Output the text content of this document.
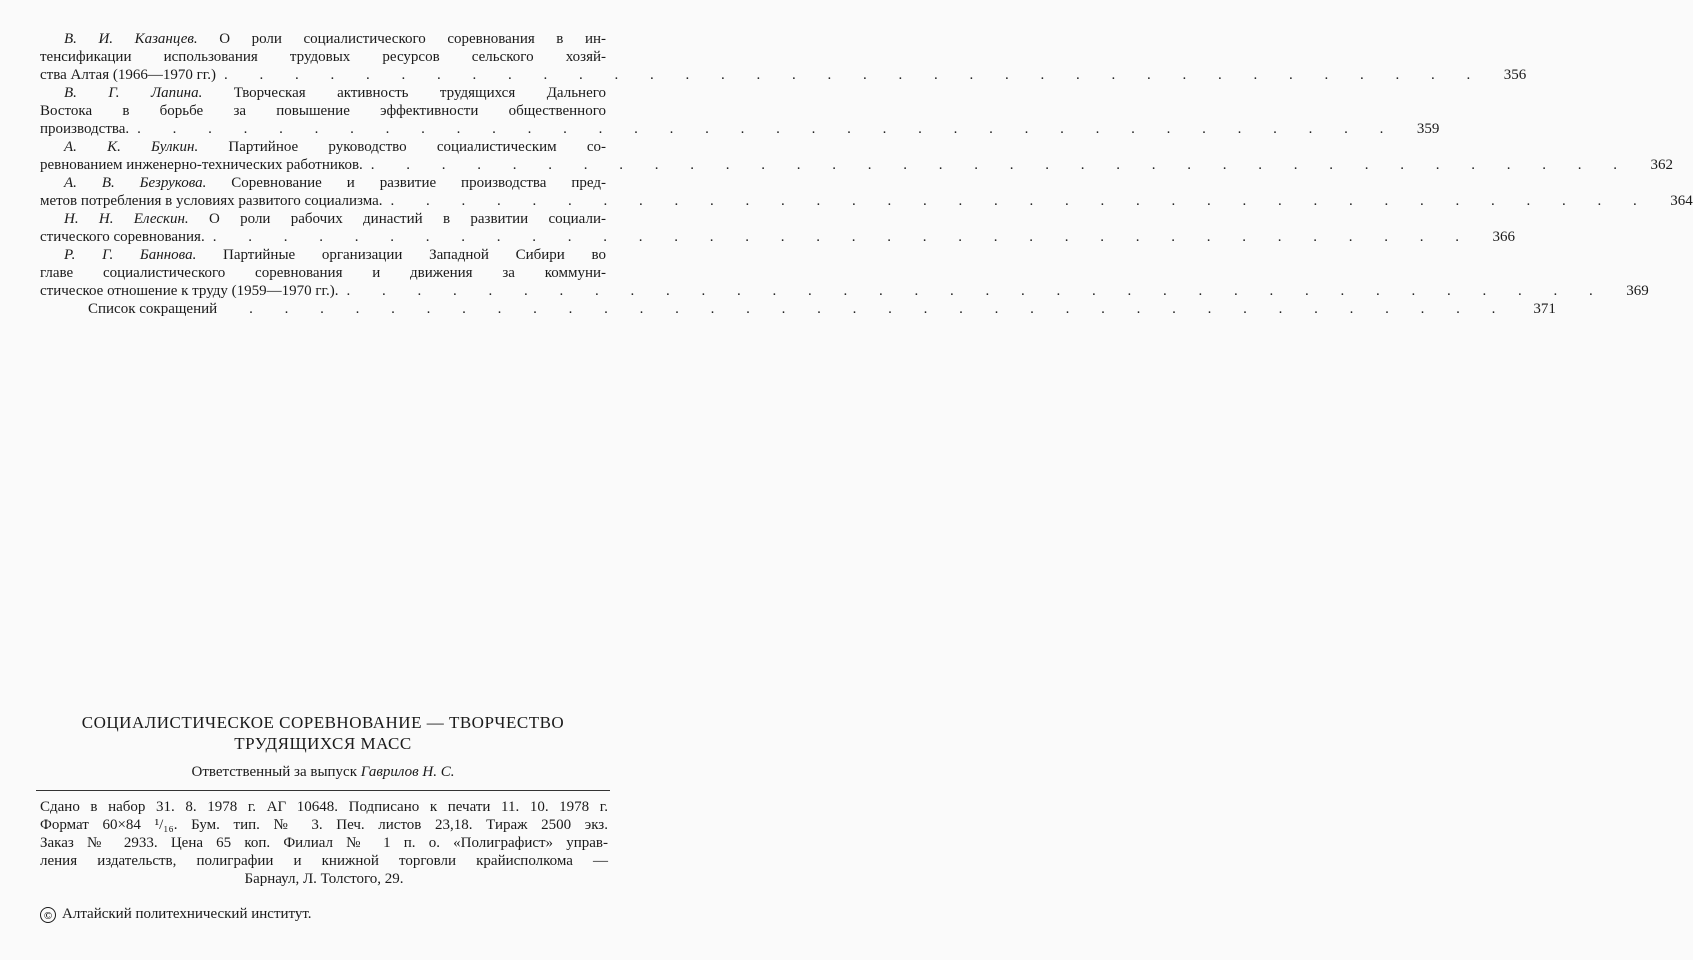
В. И. Казанцев. О роли социалистического соревнования в ин-
тенсификации использования трудовых ресурсов сельского хозяй-
ства Алтая (1966—1970 гг.) . . . . . . . . . . . . . . . . . . . . . . . . . . . . . . . . . . . .	356
В. Г. Лапина. Творческая активность трудящихся Дальнего
Востока в борьбе за повышение эффективности общественного
производства. . . . . . . . . . . . . . . . . . . . . . . . . . . . . . . . . . . . .	359
А. К. Булкин. Партийное руководство социалистическим со-
ревнованием инженерно-технических работников. . . . . . . . . . . . . . . . . . . . . . . . . . . . . . . . . . . . .	362
А. В. Безрукова. Соревнование и развитие производства пред-
метов потребления в условиях развитого социализма. . . . . . . . . . . . . . . . . . . . . . . . . . . . . . . . . . . . .	364
Н. Н. Елескин. О роли рабочих династий в развитии социали-
стического соревнования. . . . . . . . . . . . . . . . . . . . . . . . . . . . . . . . . . . . .	366
Р. Г. Баннова. Партийные организации Западной Сибири во
главе социалистического соревнования и движения за коммуни-
стическое отношение к труду (1959—1970 гг.). . . . . . . . . . . . . . . . . . . . . . . . . . . . . . . . . . . . .	369
Список сокращений	. . . . . . . . . . . . . . . . . . . . . . . . . . . . . . . . . . . .	371
СОЦИАЛИСТИЧЕСКОЕ СОРЕВНОВАНИЕ — ТВОРЧЕСТВО
ТРУДЯЩИХСЯ МАСС
Ответственный за выпуск Гаврилов Н. С.
Сдано в набор 31. 8. 1978 г. АГ 10648. Подписано к печати 11. 10. 1978 г.
Формат 60×84 ¹/₁₆. Бум. тип. № 3. Печ. листов 23,18. Тираж 2500 экз.
Заказ № 2933. Цена 65 коп. Филиал № 1 п. о. «Полиграфист» управ-
ления издательств, полиграфии и книжной торговли крайисполкома —
Барнаул, Л. Толстого, 29.
© Алтайский политехнический институт.
